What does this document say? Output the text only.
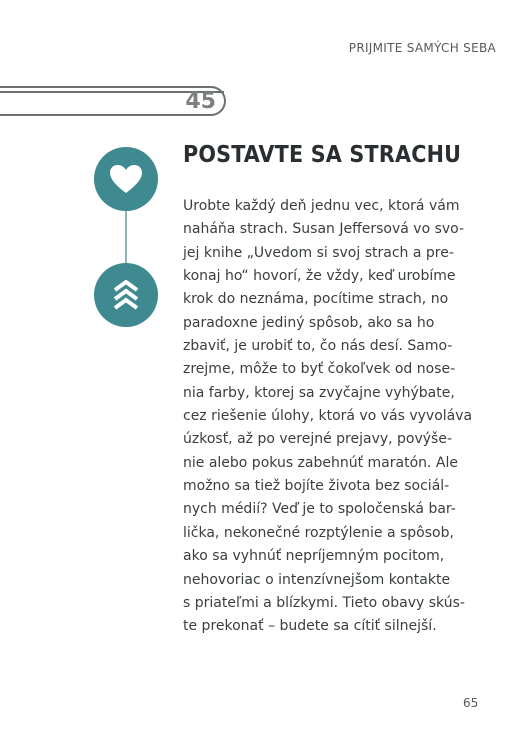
PRIJMITE SAMÝCH SEBA
45
POSTAVTE SA STRACHU

Urobte každý deň jednu vec, ktorá vám
naháňa strach. Susan Jeffersová vo svo-
jej knihe „Uvedom si svoj strach a pre-
konaj ho“ hovorí, že vždy, keď urobíme
krok do neznáma, pocítime strach, no
paradoxne jediný spôsob, ako sa ho
zbaviť, je urobiť to, čo nás desí. Samo-
zrejme, môže to byť čokoľvek od nose-
nia farby, ktorej sa zvyčajne vyhýbate,
cez riešenie úlohy, ktorá vo vás vyvoláva
úzkosť, až po verejné prejavy, povýše-
nie alebo pokus zabehnúť maratón. Ale
možno sa tiež bojíte života bez sociál-
nych médií? Veď je to spoločenská bar-
lička, nekonečné rozptýlenie a spôsob,
ako sa vyhnúť nepríjemným pocitom,
nehovoriac o intenzívnejšom kontakte
s priateľmi a blízkymi. Tieto obavy skús-
te prekonať – budete sa cítiť silnejší.

65
